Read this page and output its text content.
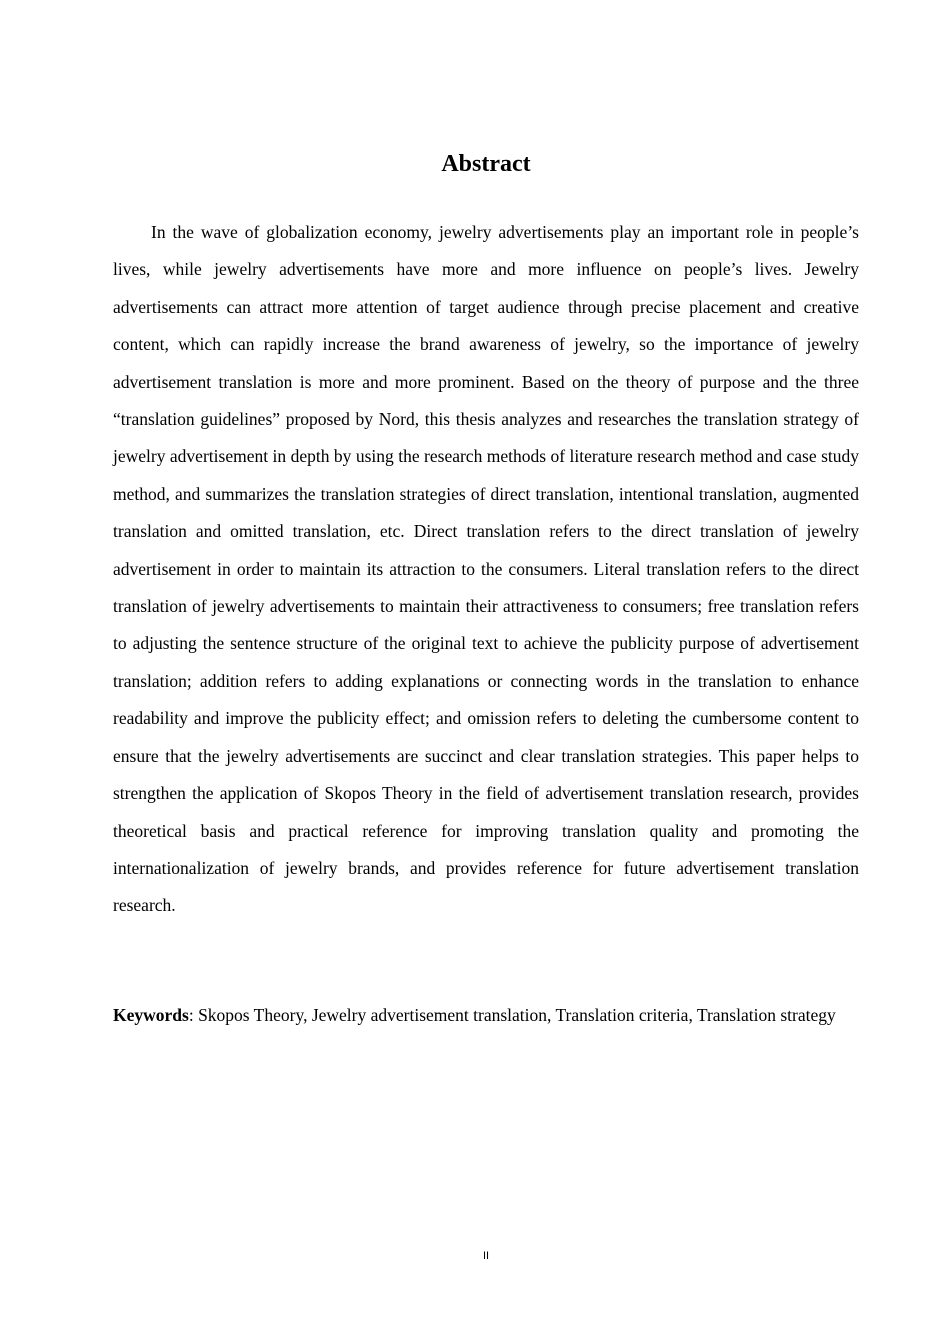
Abstract

In the wave of globalization economy, jewelry advertisements play an important role in people’s lives, while jewelry advertisements have more and more influence on people’s lives. Jewelry advertisements can attract more attention of target audience through precise placement and creative content, which can rapidly increase the brand awareness of jewelry, so the importance of jewelry advertisement translation is more and more prominent. Based on the theory of purpose and the three “translation guidelines” proposed by Nord, this thesis analyzes and researches the translation strategy of jewelry advertisement in depth by using the research methods of literature research method and case study method, and summarizes the translation strategies of direct translation, intentional translation, augmented translation and omitted translation, etc. Direct translation refers to the direct translation of jewelry advertisement in order to maintain its attraction to the consumers. Literal translation refers to the direct translation of jewelry advertisements to maintain their attractiveness to consumers; free translation refers to adjusting the sentence structure of the original text to achieve the publicity purpose of advertisement translation; addition refers to adding explanations or connecting words in the translation to enhance readability and improve the publicity effect; and omission refers to deleting the cumbersome content to ensure that the jewelry advertisements are succinct and clear translation strategies. This paper helps to strengthen the application of Skopos Theory in the field of advertisement translation research, provides theoretical basis and practical reference for improving translation quality and promoting the internationalization of jewelry brands, and provides reference for future advertisement translation research.

Keywords: Skopos Theory, Jewelry advertisement translation, Translation criteria, Translation strategy

II
